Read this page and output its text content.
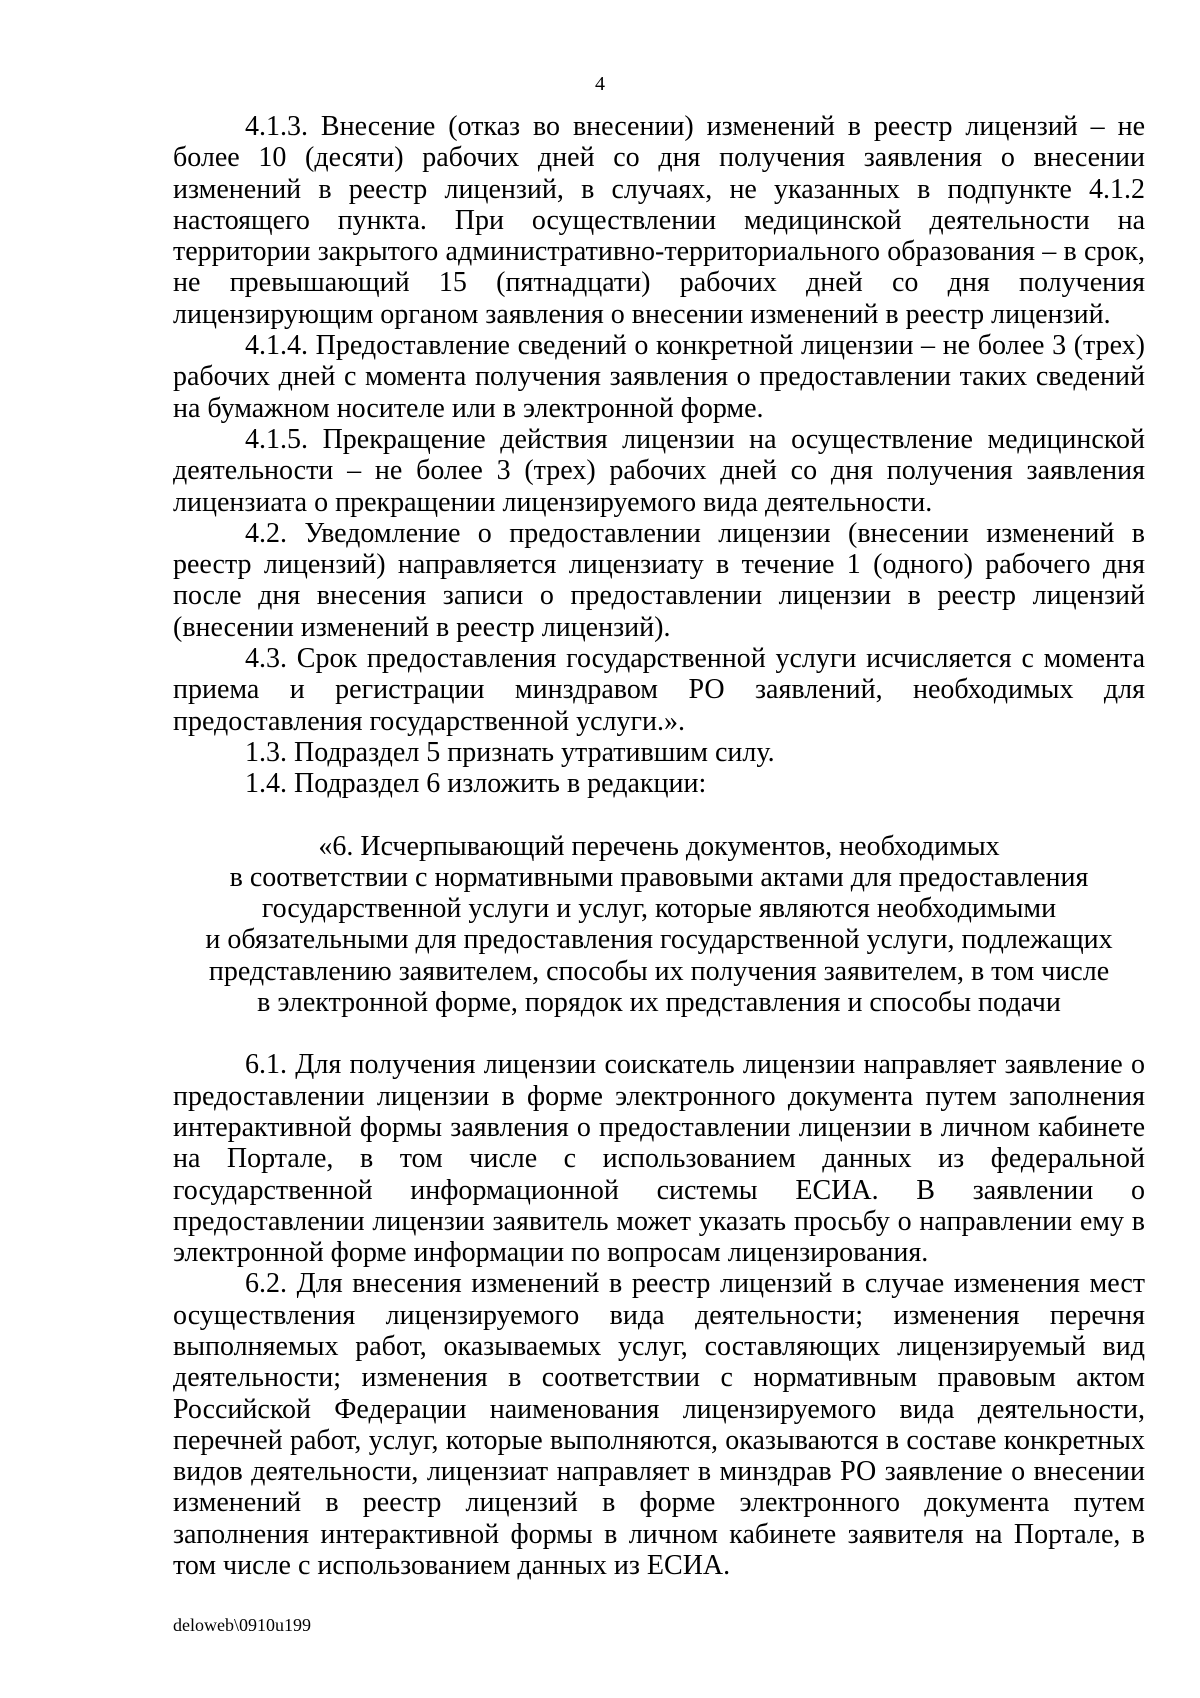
4

4.1.3. Внесение (отказ во внесении) изменений в реестр лицензий – не более 10 (десяти) рабочих дней со дня получения заявления о внесении изменений в реестр лицензий, в случаях, не указанных в подпункте 4.1.2 настоящего пункта. При осуществлении медицинской деятельности на территории закрытого административно-территориального образования – в срок, не превышающий 15 (пятнадцати) рабочих дней со дня получения лицензирующим органом заявления о внесении изменений в реестр лицензий.

4.1.4. Предоставление сведений о конкретной лицензии – не более 3 (трех) рабочих дней с момента получения заявления о предоставлении таких сведений на бумажном носителе или в электронной форме.

4.1.5. Прекращение действия лицензии на осуществление медицинской деятельности – не более 3 (трех) рабочих дней со дня получения заявления лицензиата о прекращении лицензируемого вида деятельности.

4.2. Уведомление о предоставлении лицензии (внесении изменений в реестр лицензий) направляется лицензиату в течение 1 (одного) рабочего дня после дня внесения записи о предоставлении лицензии в реестр лицензий (внесении изменений в реестр лицензий).

4.3. Срок предоставления государственной услуги исчисляется с момента приема и регистрации минздравом РО заявлений, необходимых для предоставления государственной услуги.».

1.3. Подраздел 5 признать утратившим силу.

1.4. Подраздел 6 изложить в редакции:

«6. Исчерпывающий перечень документов, необходимых
в соответствии с нормативными правовыми актами для предоставления
государственной услуги и услуг, которые являются необходимыми
и обязательными для предоставления государственной услуги, подлежащих
представлению заявителем, способы их получения заявителем, в том числе
в электронной форме, порядок их представления и способы подачи

6.1. Для получения лицензии соискатель лицензии направляет заявление о предоставлении лицензии в форме электронного документа путем заполнения интерактивной формы заявления о предоставлении лицензии в личном кабинете на Портале, в том числе с использованием данных из федеральной государственной информационной системы ЕСИА. В заявлении о предоставлении лицензии заявитель может указать просьбу о направлении ему в электронной форме информации по вопросам лицензирования.

6.2. Для внесения изменений в реестр лицензий в случае изменения мест осуществления лицензируемого вида деятельности; изменения перечня выполняемых работ, оказываемых услуг, составляющих лицензируемый вид деятельности; изменения в соответствии с нормативным правовым актом Российской Федерации наименования лицензируемого вида деятельности, перечней работ, услуг, которые выполняются, оказываются в составе конкретных видов деятельности, лицензиат направляет в минздрав РО заявление о внесении изменений в реестр лицензий в форме электронного документа путем заполнения интерактивной формы в личном кабинете заявителя на Портале, в том числе с использованием данных из ЕСИА.

deloweb\0910u199
